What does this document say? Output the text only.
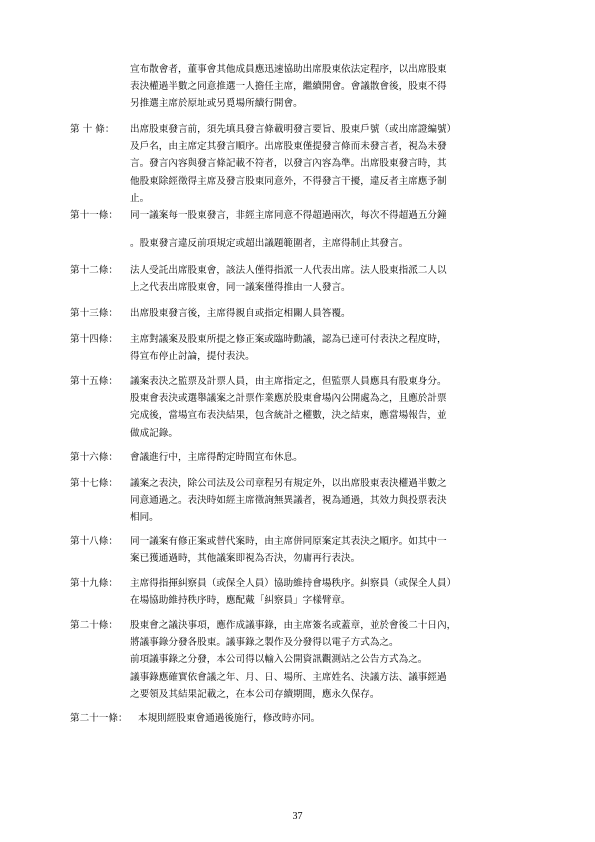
宣布散會者，董事會其他成員應迅速協助出席股東依法定程序，以出席股東
表決權過半數之同意推選一人擔任主席，繼續開會。會議散會後，股東不得
另推選主席於原址或另覓場所續行開會。
第 十 條： 出席股東發言前，須先填具發言條載明發言要旨、股東戶號（或出席證編號）
及戶名，由主席定其發言順序。出席股東僅提發言條而未發言者，視為未發
言。發言內容與發言條記載不符者，以發言內容為準。出席股東發言時，其
他股東除經徵得主席及發言股東同意外，不得發言干擾，違反者主席應予制
止。
第十一條： 同一議案每一股東發言，非經主席同意不得超過兩次，每次不得超過五分鐘

。股東發言違反前項規定或超出議題範圍者，主席得制止其發言。
第十二條： 法人受託出席股東會，該法人僅得指派一人代表出席。法人股東指派二人以
上之代表出席股東會，同一議案僅得推由一人發言。
第十三條： 出席股東發言後，主席得親自或指定相關人員答覆。
第十四條： 主席對議案及股東所提之修正案或臨時動議，認為已達可付表決之程度時，
得宣布停止討論，提付表決。
第十五條： 議案表決之監票及計票人員，由主席指定之，但監票人員應具有股東身分。
股東會表決或選舉議案之計票作業應於股東會場內公開處為之，且應於計票
完成後，當場宣布表決結果，包含統計之權數，決之結束，應當場報告，並
做成記錄。
第十六條： 會議進行中，主席得酌定時間宣布休息。
第十七條： 議案之表決，除公司法及公司章程另有規定外，以出席股東表決權過半數之
同意通過之。表決時如經主席徵詢無異議者，視為通過，其效力與投票表決
相同。
第十八條： 同一議案有修正案或替代案時，由主席併同原案定其表決之順序。如其中一
案已獲通過時，其他議案即視為否決，勿庸再行表決。
第十九條： 主席得指揮糾察員（或保全人員）協助維持會場秩序。糾察員（或保全人員）
在場協助維持秩序時，應配戴「糾察員」字樣臂章。
第二十條： 股東會之議決事項，應作成議事錄，由主席簽名或蓋章，並於會後二十日內，
將議事錄分發各股東。議事錄之製作及分發得以電子方式為之。
前項議事錄之分發，本公司得以輸入公開資訊觀測站之公告方式為之。
議事錄應確實依會議之年、月、日、場所、主席姓名、決議方法、議事經過
之要領及其結果記載之，在本公司存續期間，應永久保存。
第二十一條： 本規則經股東會通過後施行，修改時亦同。
37
